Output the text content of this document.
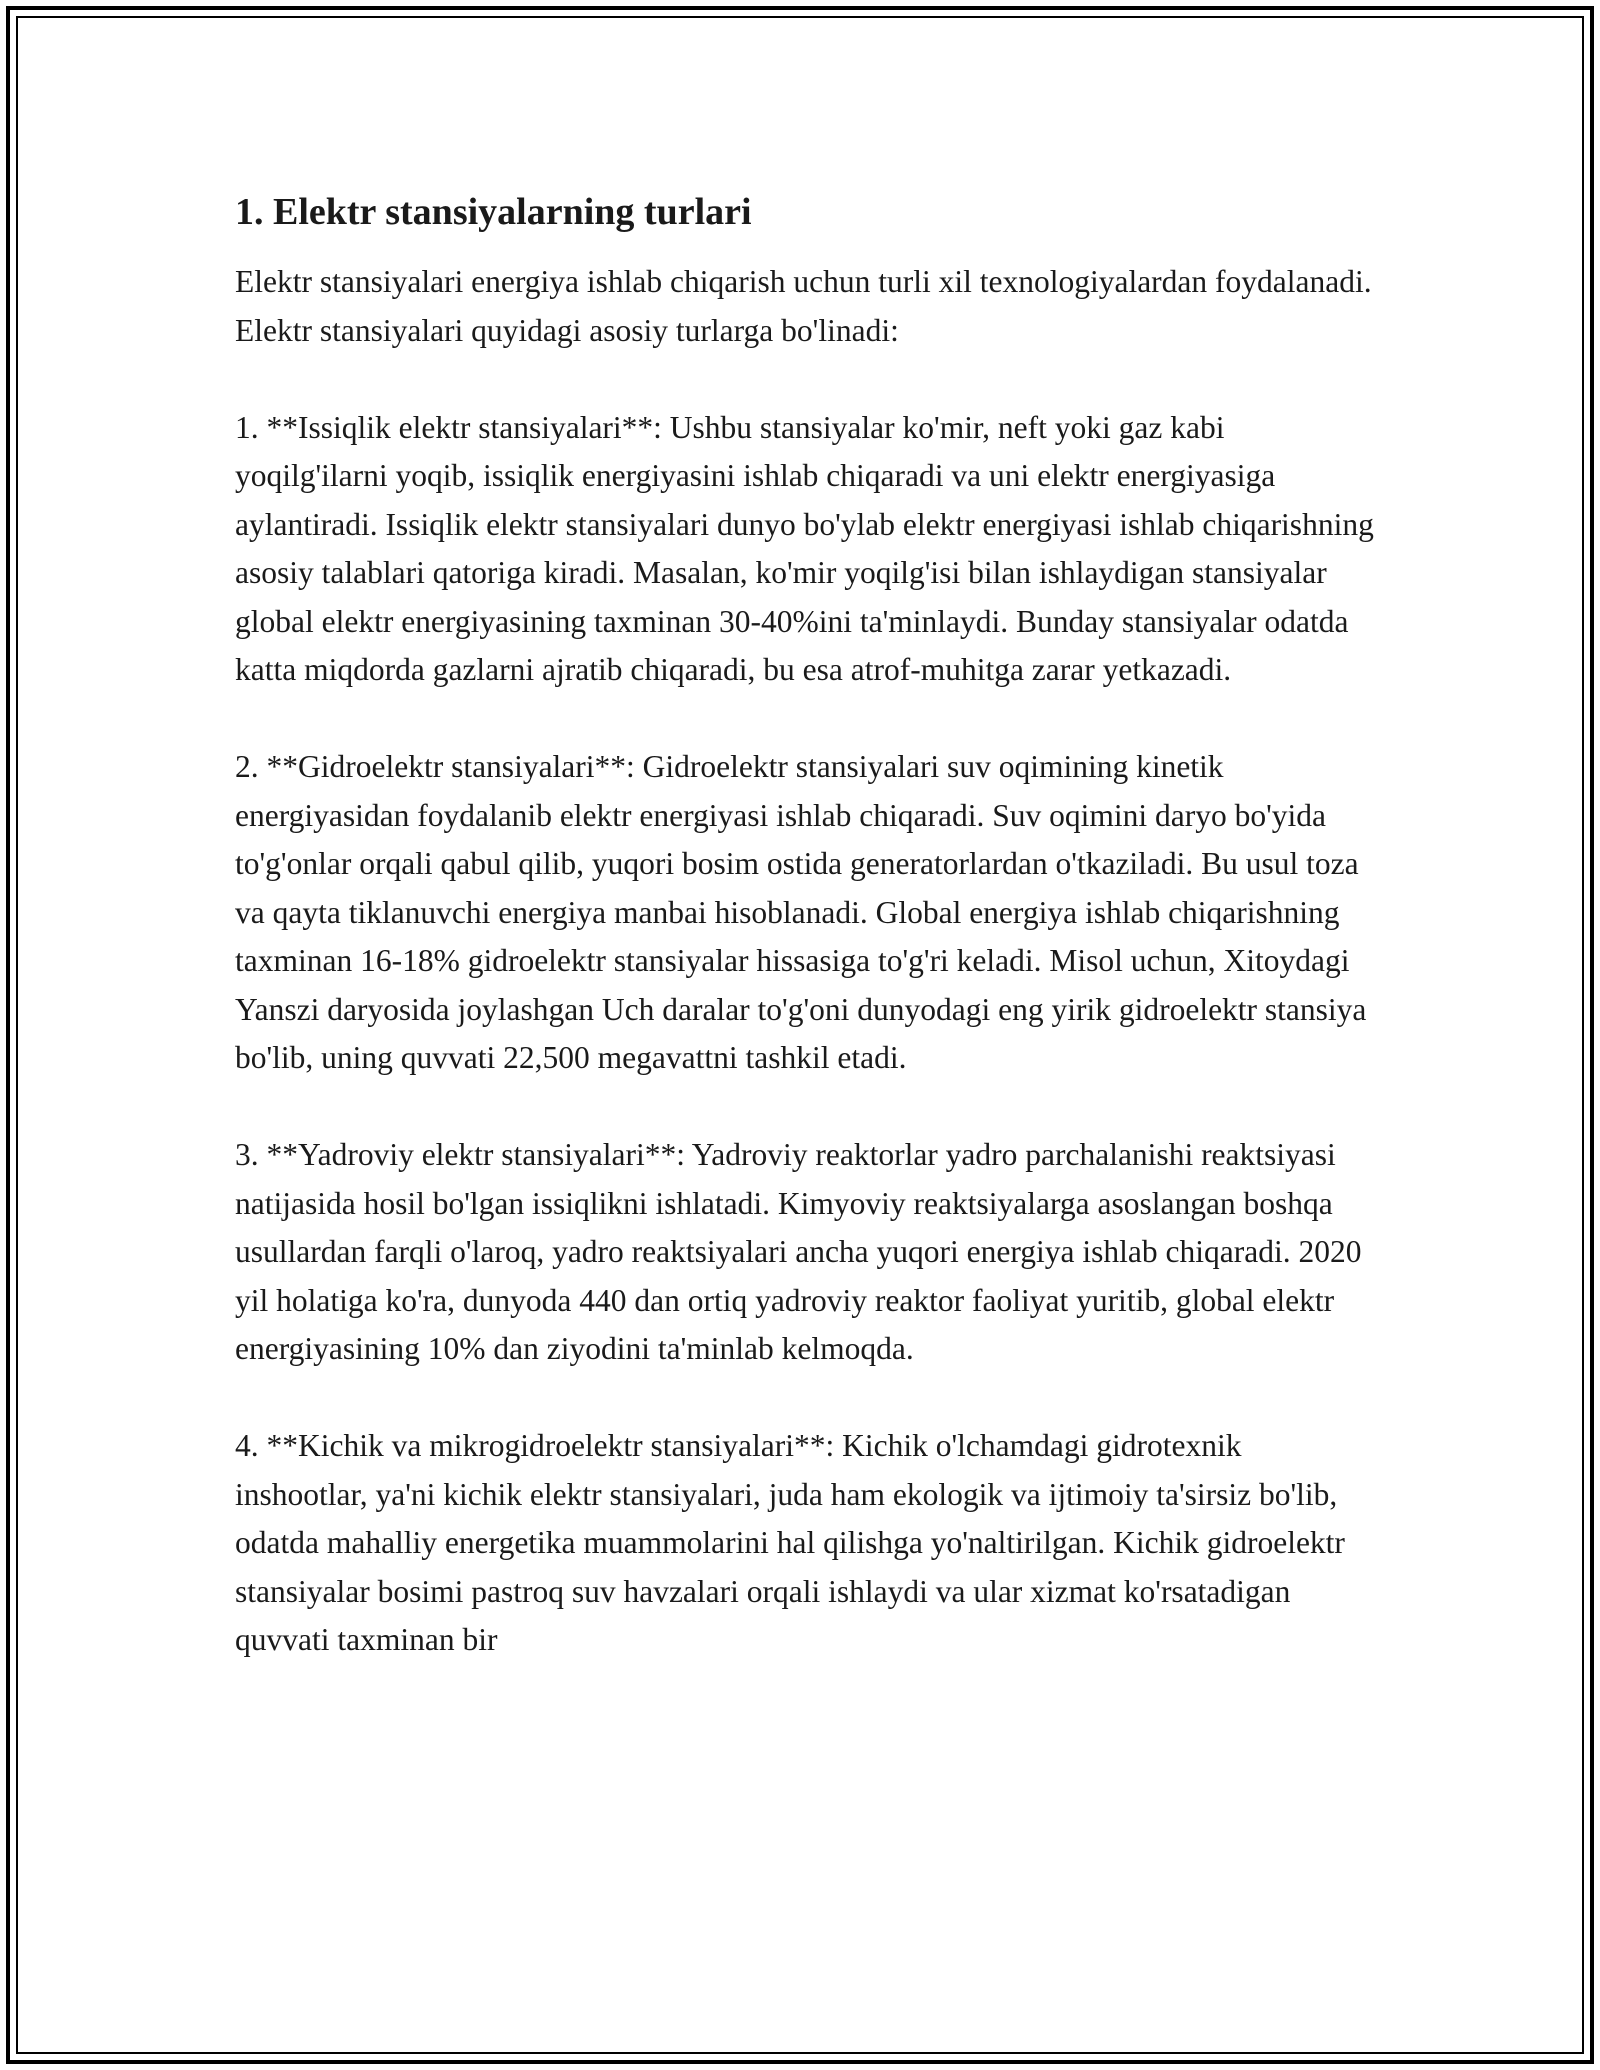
1. Elektr stansiyalarning turlari

Elektr stansiyalari energiya ishlab chiqarish uchun turli xil texnologiyalardan foydalanadi. Elektr stansiyalari quyidagi asosiy turlarga bo'linadi:

1. **Issiqlik elektr stansiyalari**: Ushbu stansiyalar ko'mir, neft yoki gaz kabi yoqilg'ilarni yoqib, issiqlik energiyasini ishlab chiqaradi va uni elektr energiyasiga aylantiradi. Issiqlik elektr stansiyalari dunyo bo'ylab elektr energiyasi ishlab chiqarishning asosiy talablari qatoriga kiradi. Masalan, ko'mir yoqilg'isi bilan ishlaydigan stansiyalar global elektr energiyasining taxminan 30-40%ini ta'minlaydi. Bunday stansiyalar odatda katta miqdorda gazlarni ajratib chiqaradi, bu esa atrof-muhitga zarar yetkazadi.

2. **Gidroelektr stansiyalari**: Gidroelektr stansiyalari suv oqimining kinetik energiyasidan foydalanib elektr energiyasi ishlab chiqaradi. Suv oqimini daryo bo'yida to'g'onlar orqali qabul qilib, yuqori bosim ostida generatorlardan o'tkaziladi. Bu usul toza va qayta tiklanuvchi energiya manbai hisoblanadi. Global energiya ishlab chiqarishning taxminan 16-18% gidroelektr stansiyalar hissasiga to'g'ri keladi. Misol uchun, Xitoydagi Yanszi daryosida joylashgan Uch daralar to'g'oni dunyodagi eng yirik gidroelektr stansiya bo'lib, uning quvvati 22,500 megavattni tashkil etadi.

3. **Yadroviy elektr stansiyalari**: Yadroviy reaktorlar yadro parchalanishi reaktsiyasi natijasida hosil bo'lgan issiqlikni ishlatadi. Kimyoviy reaktsiyalarga asoslangan boshqa usullardan farqli o'laroq, yadro reaktsiyalari ancha yuqori energiya ishlab chiqaradi. 2020 yil holatiga ko'ra, dunyoda 440 dan ortiq yadroviy reaktor faoliyat yuritib, global elektr energiyasining 10% dan ziyodini ta'minlab kelmoqda.

4. **Kichik va mikrogidroelektr stansiyalari**: Kichik o'lchamdagi gidrotexnik inshootlar, ya'ni kichik elektr stansiyalari, juda ham ekologik va ijtimoiy ta'sirsiz bo'lib, odatda mahalliy energetika muammolarini hal qilishga yo'naltirilgan. Kichik gidroelektr stansiyalar bosimi pastroq suv havzalari orqali ishlaydi va ular xizmat ko'rsatadigan quvvati taxminan bir
